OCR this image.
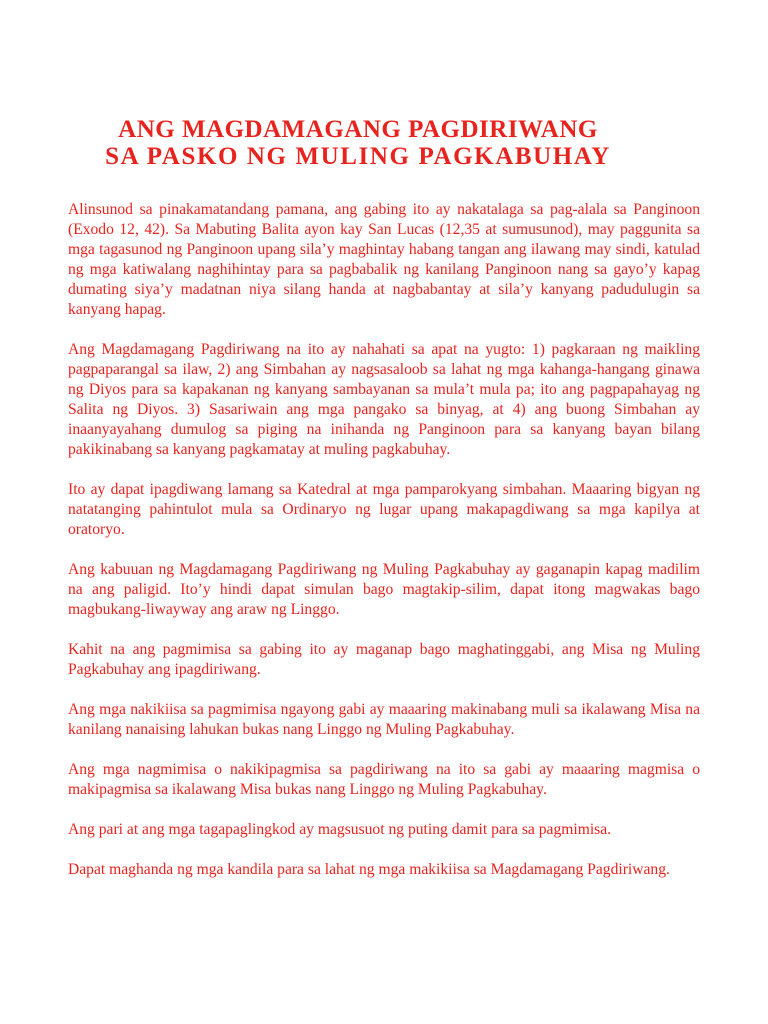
ANG MAGDAMAGANG PAGDIRIWANG
SA PASKO NG MULING PAGKABUHAY

Alinsunod sa pinakamatandang pamana, ang gabing ito ay nakatalaga sa pag-alala sa Panginoon (Exodo 12, 42). Sa Mabuting Balita ayon kay San Lucas (12,35 at sumusunod), may paggunita sa mga tagasunod ng Panginoon upang sila’y maghintay habang tangan ang ilawang may sindi, katulad ng mga katiwalang naghihintay para sa pagbabalik ng kanilang Panginoon nang sa gayo’y kapag dumating siya’y madatnan niya silang handa at nagbabantay at sila’y kanyang padudulugin sa kanyang hapag.

Ang Magdamagang Pagdiriwang na ito ay nahahati sa apat na yugto: 1) pagkaraan ng maikling pagpaparangal sa ilaw, 2) ang Simbahan ay nagsasaloob sa lahat ng mga kahanga-hangang ginawa ng Diyos para sa kapakanan ng kanyang sambayanan sa mula’t mula pa; ito ang pagpapahayag ng Salita ng Diyos. 3) Sasariwain ang mga pangako sa binyag, at 4) ang buong Simbahan ay inaanyayahang dumulog sa piging na inihanda ng Panginoon para sa kanyang bayan bilang pakikinabang sa kanyang pagkamatay at muling pagkabuhay.

Ito ay dapat ipagdiwang lamang sa Katedral at mga pamparokyang simbahan. Maaaring bigyan ng natatanging pahintulot mula sa Ordinaryo ng lugar upang makapagdiwang sa mga kapilya at oratoryo.

Ang kabuuan ng Magdamagang Pagdiriwang ng Muling Pagkabuhay ay gaganapin kapag madilim na ang paligid. Ito’y hindi dapat simulan bago magtakip-silim, dapat itong magwakas bago magbukang-liwayway ang araw ng Linggo.

Kahit na ang pagmimisa sa gabing ito ay maganap bago maghatinggabi, ang Misa ng Muling Pagkabuhay ang ipagdiriwang.

Ang mga nakikiisa sa pagmimisa ngayong gabi ay maaaring makinabang muli sa ikalawang Misa na kanilang nanaising lahukan bukas nang Linggo ng Muling Pagkabuhay.

Ang mga nagmimisa o nakikipagmisa sa pagdiriwang na ito sa gabi ay maaaring magmisa o makipagmisa sa ikalawang Misa bukas nang Linggo ng Muling Pagkabuhay.

Ang pari at ang mga tagapaglingkod ay magsusuot ng puting damit para sa pagmimisa.

Dapat maghanda ng mga kandila para sa lahat ng mga makikiisa sa Magdamagang Pagdiriwang.
